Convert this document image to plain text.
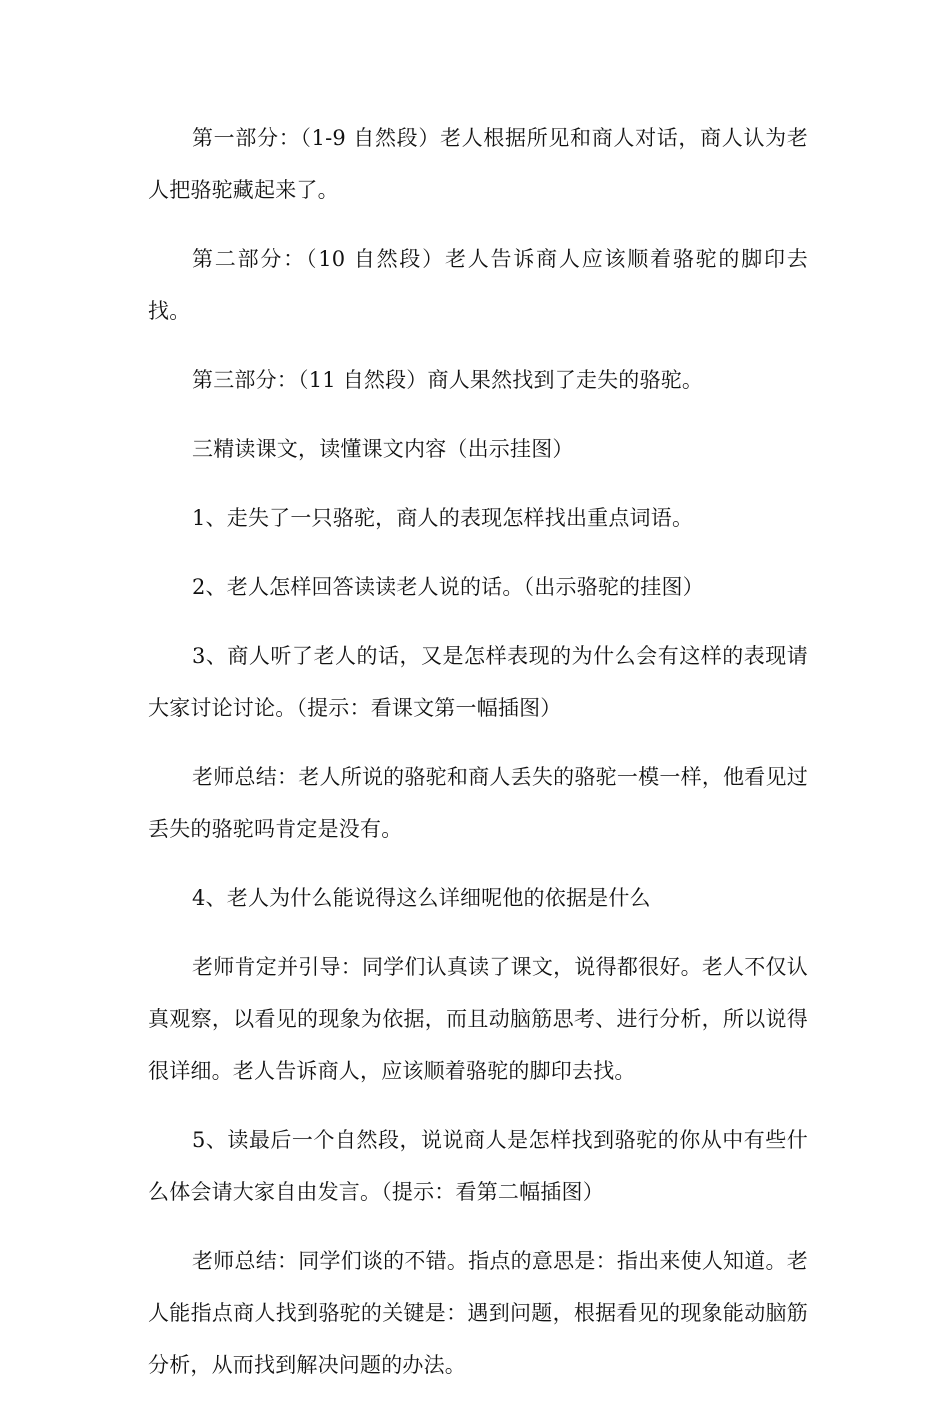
第一部分：（1-9 自然段）老人根据所见和商人对话，商人认为老人把骆驼藏起来了。

第二部分：（10 自然段）老人告诉商人应该顺着骆驼的脚印去找。

第三部分：（11 自然段）商人果然找到了走失的骆驼。

三精读课文，读懂课文内容（出示挂图）

1、走失了一只骆驼，商人的表现怎样找出重点词语。

2、老人怎样回答读读老人说的话。（出示骆驼的挂图）

3、商人听了老人的话，又是怎样表现的为什么会有这样的表现请大家讨论讨论。（提示：看课文第一幅插图）

老师总结：老人所说的骆驼和商人丢失的骆驼一模一样，他看见过丢失的骆驼吗肯定是没有。

4、老人为什么能说得这么详细呢他的依据是什么

老师肯定并引导：同学们认真读了课文，说得都很好。老人不仅认真观察，以看见的现象为依据，而且动脑筋思考、进行分析，所以说得很详细。老人告诉商人，应该顺着骆驼的脚印去找。

5、读最后一个自然段，说说商人是怎样找到骆驼的你从中有些什么体会请大家自由发言。（提示：看第二幅插图）

老师总结：同学们谈的不错。指点的意思是：指出来使人知道。老人能指点商人找到骆驼的关键是：遇到问题，根据看见的现象能动脑筋分析，从而找到解决问题的办法。
